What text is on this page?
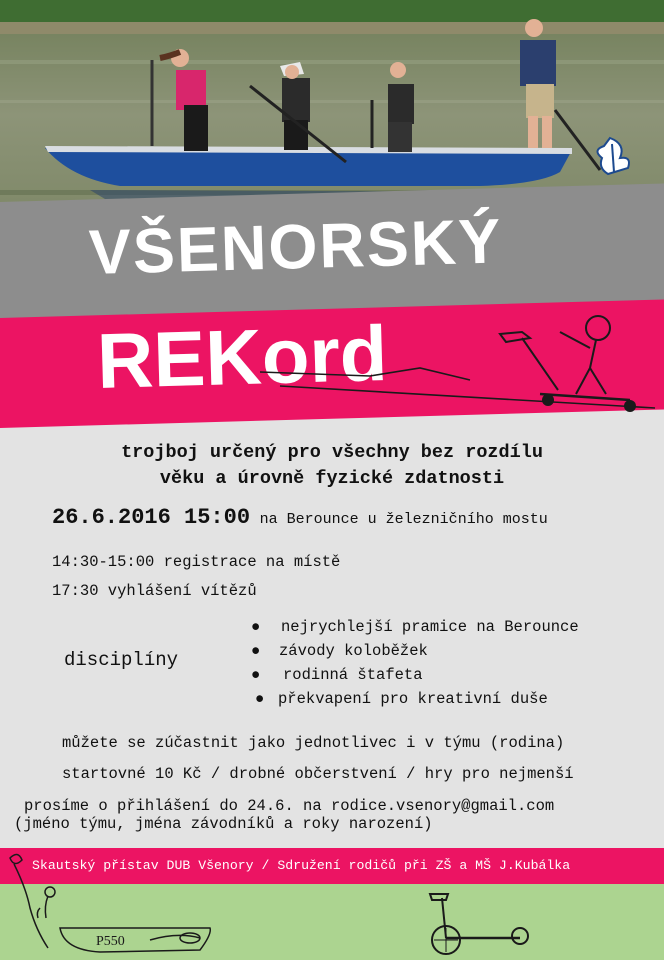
VŠENORSKÝ
REKord
trojboj určený pro všechny bez rozdílu
věku a úrovně fyzické zdatnosti
26.6.2016 15:00 na Berounce u železničního mostu
14:30-15:00 registrace na místě
17:30 vyhlášení vítězů
disciplíny
● nejrychlejší pramice na Berounce
● závody koloběžek
● rodinná štafeta
● překvapení pro kreativní duše
můžete se zúčastnit jako jednotlivec i v týmu (rodina)
startovné 10 Kč / drobné občerstvení / hry pro nejmenší
prosíme o přihlášení do 24.6. na rodice.vsenory@gmail.com
(jméno týmu, jména závodníků a roky narození)
Skautský přístav DUB Všenory / Sdružení rodičů při ZŠ a MŠ J.Kubálka
P550
